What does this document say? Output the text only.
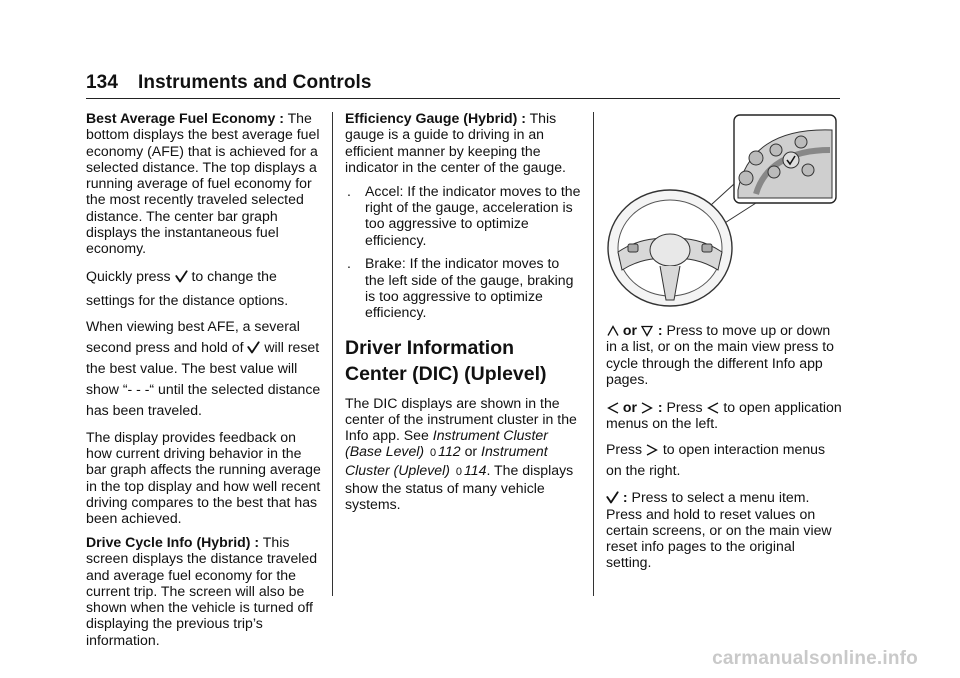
134 Instruments and Controls

Best Average Fuel Economy : The bottom displays the best average fuel economy (AFE) that is achieved for a selected distance. The top displays a running average of fuel economy for the most recently traveled selected distance. The center bar graph displays the instantaneous fuel economy.

Quickly press to change the settings for the distance options.

When viewing best AFE, a several second press and hold of will reset the best value. The best value will show “- - -“ until the selected distance has been traveled.

The display provides feedback on how current driving behavior in the bar graph affects the running average in the top display and how well recent driving compares to the best that has been achieved.

Drive Cycle Info (Hybrid) : This screen displays the distance traveled and average fuel economy for the current trip. The screen will also be shown when the vehicle is turned off displaying the previous trip’s information.

Efficiency Gauge (Hybrid) : This gauge is a guide to driving in an efficient manner by keeping the indicator in the center of the gauge.

. Accel: If the indicator moves to the right of the gauge, acceleration is too aggressive to optimize efficiency.
. Brake: If the indicator moves to the left side of the gauge, braking is too aggressive to optimize efficiency.
Driver Information Center (DIC) (Uplevel)

The DIC displays are shown in the center of the instrument cluster in the Info app. See Instrument Cluster (Base Level) 0 112 or Instrument Cluster (Uplevel) 0 114. The displays show the status of many vehicle systems.

or : Press to move up or down in a list, or on the main view press to cycle through the different Info app pages.

or : Press to open application menus on the left.

Press to open interaction menus on the right.

: Press to select a menu item. Press and hold to reset values on certain screens, or on the main view reset info pages to the original setting.

carmanualsonline.info
